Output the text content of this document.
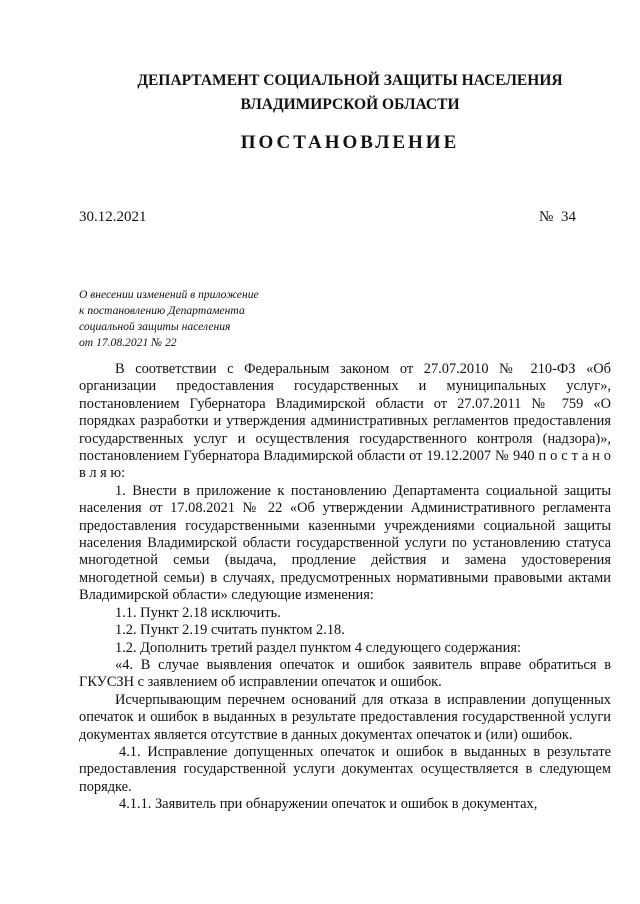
ДЕПАРТАМЕНТ СОЦИАЛЬНОЙ ЗАЩИТЫ НАСЕЛЕНИЯ
ВЛАДИМИРСКОЙ ОБЛАСТИ
ПОСТАНОВЛЕНИЕ
30.12.2021	№ 34
О внесении изменений в приложение
к постановлению Департамента
социальной защиты населения
от 17.08.2021 № 22

В соответствии с Федеральным законом от 27.07.2010 № 210-ФЗ «Об организации предоставления государственных и муниципальных услуг», постановлением Губернатора Владимирской области от 27.07.2011 № 759 «О порядках разработки и утверждения административных регламентов предоставления государственных услуг и осуществления государственного контроля (надзора)», постановлением Губернатора Владимирской области от 19.12.2007 № 940 п о с т а н о в л я ю:

1. Внести в приложение к постановлению Департамента социальной защиты населения от 17.08.2021 № 22 «Об утверждении Административного регламента предоставления государственными казенными учреждениями социальной защиты населения Владимирской области государственной услуги по установлению статуса многодетной семьи (выдача, продление действия и замена удостоверения многодетной семьи) в случаях, предусмотренных нормативными правовыми актами Владимирской области» следующие изменения:

1.1. Пункт 2.18 исключить.

1.2. Пункт 2.19 считать пунктом 2.18.

1.2. Дополнить третий раздел пунктом 4 следующего содержания:

«4. В случае выявления опечаток и ошибок заявитель вправе обратиться в ГКУСЗН с заявлением об исправлении опечаток и ошибок.

Исчерпывающим перечнем оснований для отказа в исправлении допущенных опечаток и ошибок в выданных в результате предоставления государственной услуги документах является отсутствие в данных документах опечаток и (или) ошибок.

4.1. Исправление допущенных опечаток и ошибок в выданных в результате предоставления государственной услуги документах осуществляется в следующем порядке.

4.1.1. Заявитель при обнаружении опечаток и ошибок в документах,
